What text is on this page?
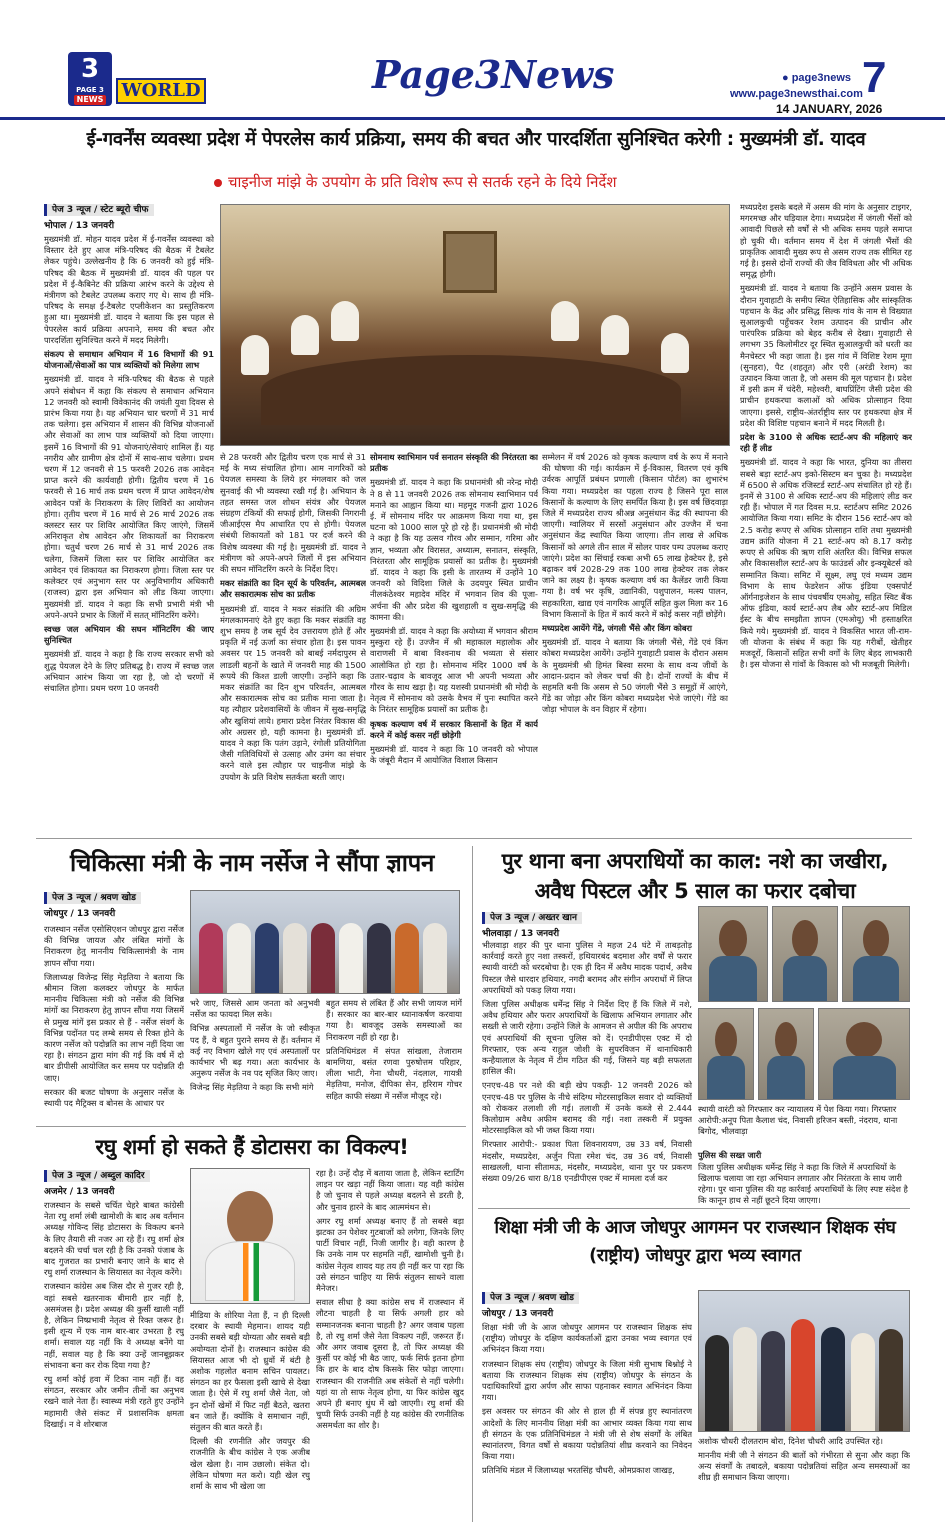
3
PAGE 3
NEWS	WORLD	Page3News	● page3news
www.page3newsthai.com 7
14 JANUARY, 2026
ई-गवर्नेंस व्यवस्था प्रदेश में पेपरलेस कार्य प्रक्रिया, समय की बचत और पारदर्शिता सुनिश्चित करेगी : मुख्यमंत्री डॉ. यादव
चाइनीज मांझे के उपयोग के प्रति विशेष रूप से सतर्क रहने के दिये निर्देश
पेज 3 न्यूज / स्टेट ब्यूरो चीफ
भोपाल / 13 जनवरी

मुख्यमंत्री डॉ. मोहन यादव प्रदेश में ई-गवर्नेंस व्यवस्था को विस्तार देते हुए आज मंत्रि-परिषद की बैठक में टैबलेट लेकर पहुंचे। उल्लेखनीय है कि 6 जनवरी को हुई मंत्रि-परिषद की बैठक में मुख्यमंत्री डॉ. यादव की पहल पर प्रदेश में ई-कैबिनेट की प्रक्रिया आरंभ करने के उद्देश्य से मंत्रीगण को टैबलेट उपलब्ध कराए गए थे। साथ ही मंत्रि-परिषद के समक्ष ई-टैबलेट एप्लीकेशन का प्रस्तुतिकरण हुआ था। मुख्यमंत्री डॉ. यादव ने बताया कि इस पहल से पेपरलेस कार्य प्रक्रिया अपनाने, समय की बचत और पारदर्शिता सुनिश्चित करने में मदद मिलेगी।

संकल्प से समाधान अभियान में 16 विभागों की 91 योजनाओं/सेवाओं का पात्र व्यक्तियों को मिलेगा लाभ

मुख्यमंत्री डॉ. यादव ने मंत्रि-परिषद की बैठक से पहले अपने संबोधन में कहा कि संकल्प से समाधान अभियान 12 जनवरी को स्वामी विवेकानंद की जयंती युवा दिवस से प्रारंभ किया गया है। यह अभियान चार चरणों में 31 मार्च तक चलेगा। इस अभियान में शासन की विभिन्न योजनाओं और सेवाओं का लाभ पात्र व्यक्तियों को दिया जाएगा। इसमें 16 विभागों की 91 योजनाएं/सेवाएं शामिल हैं। यह नगरीय और ग्रामीण क्षेत्र दोनों में साथ-साथ चलेगा। प्रथम चरण में 12 जनवरी से 15 फरवरी 2026 तक आवेदन प्राप्त करने की कार्यवाही होगी। द्वितीय चरण में 16 फरवरी से 16 मार्च तक प्रथम चरण में प्राप्त आवेदन/शेष आवेदन पत्रों के निराकरण के लिए शिविरों का आयोजन होगा। तृतीय चरण में 16 मार्च से 26 मार्च 2026 तक क्लस्टर स्तर पर शिविर आयोजित किए जाएंगे, जिसमें अनिराकृत शेष आवेदन और शिकायतों का निराकरण होगा। चतुर्थ चरण 26 मार्च से 31 मार्च 2026 तक चलेगा, जिसमें जिला स्तर पर शिविर आयोजित कर आवेदन एवं शिकायत का निराकरण होगा। जिला स्तर पर कलेक्टर एवं अनुभाग स्तर पर अनुविभागीय अधिकारी (राजस्व) द्वारा इस अभियान को लीड किया जाएगा। मुख्यमंत्री डॉ. यादव ने कहा कि सभी प्रभारी मंत्री भी अपने-अपने प्रभार के जिलों में सतत् मॉनिटरिंग करेंगे।

स्वच्छ जल अभियान की सघन मॉनिटरिंग की जाए सुनिश्चित

मुख्यमंत्री डॉ. यादव ने कहा है कि राज्य सरकार सभी को शुद्ध पेयजल देने के लिए प्रतिबद्ध है। राज्य में स्वच्छ जल अभियान आरंभ किया जा रहा है, जो दो चरणों में संचालित होगा। प्रथम चरण 10 जनवरी

से 28 फरवरी और द्वितीय चरण एक मार्च से 31 मई के मध्य संचालित होगा। आम नागरिकों को पेयजल समस्या के लिये हर मंगलवार को जल सुनवाई की भी व्यवस्था रखी गई है। अभियान के तहत समस्त जल शोधन संयंत्र और पेयजल संग्रहण टंकियों की सफाई होगी, जिसकी निगरानी जीआईएस मैप आधारित एप से होगी। पेयजल संबंधी शिकायतों को 181 पर दर्ज करने की विशेष व्यवस्था की गई है। मुख्यमंत्री डॉ. यादव ने मंत्रीगण को अपने-अपने जिलों में इस अभियान की सघन मॉनिटरिंग करने के निर्देश दिए।

मकर संक्रांति का दिन सूर्य के परिवर्तन, आत्मबल और सकारात्मक सोच का प्रतीक

मुख्यमंत्री डॉ. यादव ने मकर संक्रांति की अग्रिम मंगलकामनाएं देते हुए कहा कि मकर संक्रांति वह शुभ समय है जब सूर्य देव उत्तरायण होते हैं और प्रकृति में नई ऊर्जा का संचार होता है। इस पावन अवसर पर 15 जनवरी को बाबई नर्मदापुरम से लाडली बहनों के खाते में जनवरी माह की 1500 रूपये की किश्त डाली जाएगी। उन्होंने कहा कि मकर संक्रांति का दिन शुभ परिवर्तन, आत्मबल और सकारात्मक सोच का प्रतीक माना जाता है। यह त्यौहार प्रदेशवासियों के जीवन में सुख-समृद्धि और खुशियां लाये। हमारा प्रदेश निरंतर विकास की ओर अग्रसर हो, यही कामना है। मुख्यमंत्री डॉ. यादव ने कहा कि पतंग उड़ाने, रंगोली प्रतियोगिता जैसी गतिविधियों से उत्साह और उमंग का संचार करने वाले इस त्यौहार पर चाइनीज मांझे के उपयोग के प्रति विशेष सतर्कता बरती जाए।

सोमनाथ स्वाभिमान पर्व सनातन संस्कृति की निरंतरता का प्रतीक

मुख्यमंत्री डॉ. यादव ने कहा कि प्रधानमंत्री श्री नरेन्द्र मोदी ने 8 से 11 जनवरी 2026 तक सोमनाथ स्वाभिमान पर्व मनाने का आह्वान किया था। महमूद गजनी द्वारा 1026 ई. में सोमनाथ मंदिर पर आक्रमण किया गया था, इस घटना को 1000 साल पूरे हो रहे हैं। प्रधानमंत्री श्री मोदी ने कहा है कि यह उत्सव गौरव और सम्मान, गरिमा और ज्ञान, भव्यता और विरासत, अध्यात्म, सनातन, संस्कृति, निरंतरता और सामूहिक प्रयासों का प्रतीक है। मुख्यमंत्री डॉ. यादव ने कहा कि इसी के तारतम्य में उन्होंने 10 जनवरी को विदिशा जिले के उदयपुर स्थित प्राचीन नीलकंठेश्वर महादेव मंदिर में भगवान शिव की पूजा-अर्चना की और प्रदेश की खुशहाली व सुख-समृद्धि की कामना की।

मुख्यमंत्री डॉ. यादव ने कहा कि अयोध्या में भगवान श्रीराम मुस्कुरा रहे हैं। उज्जैन में श्री महाकाल महालोक और वाराणसी में बाबा विश्वनाथ की भव्यता से संसार आलोकित हो रहा है। सोमनाथ मंदिर 1000 वर्ष के उतार-चढ़ाव के बावजूद आज भी अपनी भव्यता और गौरव के साथ खड़ा है। यह यशस्वी प्रधानमंत्री श्री मोदी के नेतृत्व में सोमनाथ को उसके वैभव में पुनः स्थापित करने के निरंतर सामूहिक प्रयासों का प्रतीक है।

कृषक कल्याण वर्ष में सरकार किसानों के हित में कार्य करने में कोई कसर नहीं छोड़ेगी

मुख्यमंत्री डॉ. यादव ने कहा कि 10 जनवरी को भोपाल के जंबूरी मैदान में आयोजित विशाल किसान

सम्मेलन में वर्ष 2026 को कृषक कल्याण वर्ष के रूप में मनाने की घोषणा की गई। कार्यक्रम में ई-विकास, वितरण एवं कृषि उर्वरक आपूर्ति प्रबंधन प्रणाली (किसान पोर्टल) का शुभारंभ किया गया। मध्यप्रदेश का पहला राज्य है जिसने पूरा साल किसानों के कल्याण के लिए समर्पित किया है। इस वर्ष छिंदवाड़ा जिले में मध्यप्रदेश राज्य श्रीअन्न अनुसंधान केंद्र की स्थापना की जाएगी। ग्वालियर में सरसों अनुसंधान और उज्जैन में चना अनुसंधान केंद्र स्थापित किया जाएगा। तीन लाख से अधिक किसानों को अगले तीन साल में सोलर पावर पम्प उपलब्ध कराए जाएंगे। प्रदेश का सिंचाई रकबा अभी 65 लाख हेक्टेयर है, इसे बढ़ाकर वर्ष 2028-29 तक 100 लाख हेक्टेयर तक लेकर जाने का लक्ष्य है। कृषक कल्याण वर्ष का कैलेंडर जारी किया गया है। वर्ष भर कृषि, उद्यानिकी, पशुपालन, मत्स्य पालन, सहकारिता, खाद्य एवं नागरिक आपूर्ति सहित कुल मिला कर 16 विभाग किसानों के हित में कार्य करने में कोई कसर नहीं छोड़ेंगे।

मध्यप्रदेश आयेंगे गेंडे, जंगली भैंसे और किंग कोबरा

मुख्यमंत्री डॉ. यादव ने बताया कि जंगली भैंसे, गेंडे एवं किंग कोबरा मध्यप्रदेश आयेंगे। उन्होंने गुवाहाटी प्रवास के दौरान असम के मुख्यमंत्री श्री हिमंत बिस्वा सरमा के साथ वन्य जीवों के आदान-प्रदान को लेकर चर्चा की है। दोनों राज्यों के बीच में सहमति बनी कि असम से 50 जंगली भैंसे 3 समूहों में आएंगे, गेंडे का जोड़ा और किंग कोबरा मध्यप्रदेश भेजे जाएंगे। गेंडे का जोड़ा भोपाल के वन विहार में रहेगा।

मध्यप्रदेश इसके बदले में असम की मांग के अनुसार टाइगर, मगरमच्छ और घड़ियाल देगा। मध्यप्रदेश में जंगली भैंसों को आवादी पिछले सौ वर्षों से भी अधिक समय पहले समाप्त हो चुकी थी। वर्तमान समय में देश में जंगली भैंसों की प्राकृतिक आवादी मुख्य रूप से असम राज्य तक सीमित रह गई है। इससे दोनों राज्यों की जैव विविधता और भी अधिक समृद्ध होगी।

मुख्यमंत्री डॉ. यादव ने बताया कि उन्होंने असम प्रवास के दौरान गुवाहाटी के समीप स्थित ऐतिहासिक और सांस्कृतिक पहचान के केंद्र और प्रसिद्ध सिल्क गांव के नाम से विख्यात सुआलकुची पहुँचकर रेशम उत्पादन की प्राचीन और पारंपरिक प्रक्रिया को बेहद करीब से देखा। गुवाहाटी से लगभग 35 किलोमीटर दूर स्थित सुआलकुची को धरती का मैनचेस्टर भी कहा जाता है। इस गांव में विशिष्ट रेशम मूगा (सुनहरा), पैट (शहतूत) और एरी (अरंडी रेशम) का उत्पादन किया जाता है, जो असम की मूल पहचान है। प्रदेश में इसी क्रम में चंदेरी, महेश्वरी, बाघप्रिंटिंग जैसी प्रदेश की प्राचीन हथकरघा कलाओं को अधिक प्रोत्साहन दिया जाएगा। इससे, राष्ट्रीय-अंतर्राष्ट्रीय स्तर पर हथकरघा क्षेत्र में प्रदेश की विशिष्ट पहचान बनाने में मदद मिलती है।

प्रदेश के 3100 से अधिक स्टार्ट-अप की महिलाएं कर रही हैं लीड

मुख्यमंत्री डॉ. यादव ने कहा कि भारत, दुनिया का तीसरा सबसे बड़ा स्टार्ट-अप इको-सिस्टम बन चुका है। मध्यप्रदेश में 6500 से अधिक रजिस्टर्ड स्टार्ट-अप संचालित हो रहे हैं। इनमें से 3100 से अधिक स्टार्ट-अप की महिलाएं लीड कर रही हैं। भोपाल में गत दिवस म.प्र. स्टार्टअप समिट 2026 आयोजित किया गया। समिट के दौरान 156 स्टार्ट-अप को 2.5 करोड़ रूपए से अधिक प्रोत्साहन राशि तथा मुख्यमंत्री उद्यम क्रांति योजना में 21 स्टार्ट-अप को 8.17 करोड़ रूपए से अधिक की ऋण राशि अंतरित की। विभिन्न सफल और विकासशील स्टार्ट-अप के फाउंडर्स और इन्क्यूबेटर्स को सम्मानित किया। समिट में सूक्ष्म, लघु एवं मध्यम उद्यम विभाग के साथ फेडरेशन ऑफ इंडिया एक्सपोर्ट ऑर्गनाइजेशन के साथ पंचवर्षीय एमओयू, सहित स्विट बैंक ऑफ इंडिया, कार्य स्टार्ट-अप लैब और स्टार्ट-अप मिडिल ईस्ट के बीच समझौता ज्ञापन (एमओयू) भी हस्ताक्षरित किये गये। मुख्यमंत्री डॉ. यादव ने विकसित भारत जी-राम-जी योजना के संबंध में कहा कि यह गरीबों, खेतीहर मजदूरों, किसानों सहित सभी वर्गों के लिए बेहद लाभकारी है। इस योजना से गांवों के विकास को भी मजबूती मिलेगी।

चिकित्सा मंत्री के नाम नर्सेज ने सौंपा ज्ञापन
पेज 3 न्यूज / श्रवण खोड
जोधपुर / 13 जनवरी

राजस्थान नर्सेज एसोसिएशन जोधपुर द्वारा नर्सेज की विभिन्न जायज और लंबित मांगों के निराकरण हेतु माननीय चिकित्सामंत्री के नाम ज्ञापन सौंपा गया।

जिलाध्यक्ष विजेन्द्र सिंह मेड़तिया ने बताया कि श्रीमान जिला कलक्टर जोधपुर के मार्फत माननीय चिकित्सा मंत्री को नर्सेज की विभिन्न मांगों का निराकरण हेतु ज्ञापन सौंपा गया जिसमें से प्रमुख मांगें इस प्रकार से हैं - नर्सेज संवर्ग के विभिन्न पदोंनत पद लम्बे समय से रिक्त होने के कारण नर्सेज को पदोन्नति का लाभ नहीं दिया जा रहा है। संगठन द्वारा मांग की गई कि वर्ष में दो बार डीपीसी आयोजित कर समय पर पदोन्नति दी जाए।

सरकार की बजट घोषणा के अनुसार नर्सेज के स्थायी पद मैट्रिक्स व बोनस के आधार पर

भरे जाए, जिससे आम जनता को अनुभवी नर्सेज का फायदा मिल सके।

विभिन्न अस्पतालों में नर्सेज के जो स्वीकृत पद हैं, वे बहुत पुराने समय से हैं। वर्तमान में कई नए विभाग खोले गए एवं अस्पतालों पर कार्यभार भी बढ़ गया। अतः कार्यभार के अनुरूप नर्सेज के नव पद सृजित किए जाए।

विजेन्द्र सिंह मेड़तिया ने कहा कि सभी मांगे

बहुत समय से लंबित हैं और सभी जायज मांगें हैं। सरकार का बार-बार ध्यानाकर्षण करवाया गया है। बावजूद उसके समस्याओं का निराकरण नहीं हो रहा है।

प्रतिनिधिमंडल में संपत सांखला, तेजाराम बामणिया, बसंत रणवा पुरुषोत्तम परिहार, लीला भाटी, गेना चौधरी, नंदलाल, गायत्री मेड़तिया, मनोज, दीपिका सेन, हरिराम गोचर सहित काफी संख्या में नर्सेज मौजूद रहे।

पुर थाना बना अपराधियों का काल: नशे का जखीरा, अवैध पिस्टल और 5 साल का फरार दबोचा
पेज 3 न्यूज / अख्तर खान
भीलवाड़ा / 13 जनवरी

भीलवाड़ा शहर की पुर थाना पुलिस ने महज 24 घंटे में ताबड़तोड़ कार्रवाई करते हुए नशा तस्करों, हथियारबंद बदमाश और वर्षों से फरार स्थायी वारंटी को धरदबोचा है। एक ही दिन में अवैध मादक पदार्थ, अवैध पिस्टल जैसे धारदार हथियार, नगदी बरामद और संगीन अपराधों में लिप्त अपराधियों को पकड़ लिया गया।

जिला पुलिस अधीक्षक धर्मेन्द्र सिंह ने निर्देश दिए हैं कि जिले में नशे, अवैध हथियार और फरार अपराधियों के खिलाफ अभियान लगातार और सख्ती से जारी रहेगा। उन्होंने जिले के आमजन से अपील की कि अपराध एवं अपराधियों की सूचना पुलिस को दें। एनडीपीएस एक्ट में दो गिरफ्तार, एक अन्य राहुल जोशी के सुपरविजन में थानाधिकारी कन्हैयालाल के नेतृत्व में टीम गठित की गई, जिसने यह बड़ी सफलता हासिल की।

एनएच-48 पर नशे की बड़ी खेप पकड़ी- 12 जनवरी 2026 को एनएच-48 पर पुलिस के नीचे संदिग्ध मोटरसाइकिल सवार दो व्यक्तियों को रोककर तलाशी ली गई। तलाशी में उनके कब्जे से 2.444 किलोग्राम अवैध अफीम बरामद की गई। नशा तस्करी में प्रयुक्त मोटरसाइकिल को भी जब्त किया गया।

गिरफ्तार आरोपी:- प्रकाश पिता शिवनारायण, उम्र 33 वर्ष, निवासी मंदसौर, मध्यप्रदेश, अर्जुन पिता रमेश चंद, उम्र 36 वर्ष, निवासी साखलली, थाना सीतामऊ, मंदसौर, मध्यप्रदेश, थाना पुर पर प्रकरण संख्या 09/26 धारा 8/18 एनडीपीएस एक्ट में मामला दर्ज कर

स्थायी वारंटी को गिरफ्तार कर न्यायालय में पेश किया गया। गिरफ्तार आरोपी:अनूप पिता कैलाश चंद, निवासी हरिजन बस्ती, नंदराय, थाना बिगोद, भीलवाड़ा
पुलिस की सख्त जारी
जिला पुलिस अधीक्षक धर्मेन्द्र सिंह ने कहा कि जिले में अपराधियों के खिलाफ चलाया जा रहा अभियान लगातार और निरंतरता के साथ जारी रहेगा। पुर थाना पुलिस की यह कार्रवाई अपराधियों के लिए स्पष्ट संदेश है कि कानून हाथ से नहीं छूटने दिया जाएगा।
रघु शर्मा हो सकते हैं डोटासरा का विकल्प!
पेज 3 न्यूज / अब्दुल कादिर
अजमेर / 13 जनवरी

राजस्थान के सबसे चर्चित चेहरे बाबत कांग्रेसी नेता रघु शर्मा लंबी खामोशी के बाद अब वर्तमान अध्यक्ष गोविन्द सिंह डोटासरा के विकल्प बनने के लिए तैयारी सी नजर आ रहे हैं। रघु शर्मा क्षेत्र बदलने की चर्चा चल रही है कि उनको पंजाब के बाद गुजरात का प्रभारी बनाए जाने के बाद से रघु शर्मा राजस्थान के सियासत का नेतृत्व करेंगे।

राजस्थान कांग्रेस अब जिस दौर से गुजर रही है, वहां सबसे खतरनाक बीमारी हार नहीं है, असमंजस है। प्रदेश अध्यक्ष की कुर्सी खाली नहीं है, लेकिन निष्प्रभावी नेतृत्व से रिक्त जरूर है। इसी शून्य में एक नाम बार-बार उभरता है रघु शर्मा। सवाल यह नहीं कि वे अध्यक्ष बनेंगे या नहीं, सवाल यह है कि क्या उन्हें जानबूझकर संभावना बना कर रोक दिया गया है?

रघु शर्मा कोई हवा में टिका नाम नहीं हैं। वह संगठन, सरकार और जमीन तीनों का अनुभव रखने वाले नेता हैं। स्वास्थ्य मंत्री रहते हुए उन्होंने महामारी जैसे संकट में प्रशासनिक क्षमता दिखाई। न वे शोरबाज

मीडिया के शोरिया नेता हैं, न ही दिल्ली दरबार के स्थायी मेहमान। शायद यही उनकी सबसे बड़ी योग्यता और सबसे बड़ी अयोग्यता दोनों है। राजस्थान कांग्रेस की सियासत आज भी दो ध्रुवों में बंटी है अशोक गहलोत बनाम सचिन पायलट। संगठन का हर फैसला इसी खाचे से देखा जाता है। ऐसे में रघु शर्मा जैसे नेता, जो इन दोनों खेमों में फिट नहीं बैठते, खतरा बन जाते हैं। क्योंकि वे समाधान नहीं, संतुलन की बात करते हैं।

दिल्ली की रणनीति और जयपुर की राजनीति के बीच कांग्रेस ने एक अजीब खेल खेला है। नाम उछालो। संकेत दो। लेकिन घोषणा मत करो। यही खेल रघु शर्मा के साथ भी खेला जा

रहा है। उन्हें दौड़ में बताया जाता है, लेकिन स्टार्टिंग लाइन पर खड़ा नहीं किया जाता। यह वही कांग्रेस है जो चुनाव से पहले अध्यक्ष बदलने से डरती है, और चुनाव हारने के बाद आत्ममंथन से।

अगर रघु शर्मा अध्यक्ष बनाए हैं तो सबसे बड़ा झटका उन पेशेवर गुटबाजों को लगेगा, जिनके लिए पार्टी विचार नहीं, निजी जागीर है। वही कारण है कि उनके नाम पर सहमति नहीं, खामोशी चुनी है। कांग्रेस नेतृत्व शायद यह तय ही नहीं कर पा रहा कि उसे संगठन चाहिए या सिर्फ संतुलन साधने वाला मैनेजर।

सवाल सीधा है क्या कांग्रेस सच में राजस्थान में लौटना चाहती है या सिर्फ अगली हार को सम्मानजनक बनाना चाहती है? अगर जवाब पहला है, तो रघु शर्मा जैसे नेता विकल्प नहीं, जरूरत हैं। और अगर जवाब दूसरा है, तो फिर अध्यक्ष की कुर्सी पर कोई भी बैठ जाए, फर्क सिर्फ इतना होगा कि हार के बाद दोष किसके सिर फोड़ा जाएगा। राजस्थान की राजनीति अब संकेतों से नहीं चलेगी। यहां या तो साफ नेतृत्व होगा, या फिर कांग्रेस खुद अपने ही बनाए धुंध में खो जाएगी। रघु शर्मा की चुप्पी सिर्फ उनकी नहीं है यह कांग्रेस की रणनीतिक असमर्थता का शोर है।

शिक्षा मंत्री जी के आज जोधपुर आगमन पर राजस्थान शिक्षक संघ (राष्ट्रीय) जोधपुर द्वारा भव्य स्वागत
पेज 3 न्यूज / श्रवण खोड
जोधपुर / 13 जनवरी

शिक्षा मंत्री जी के आज जोधपुर आगमन पर राजस्थान शिक्षक संघ (राष्ट्रीय) जोधपुर के दक्षिण कार्यकर्ताओं द्वारा उनका भव्य स्वागत एवं अभिनंदन किया गया।

राजस्थान शिक्षक संघ (राष्ट्रीय) जोधपुर के जिला मंत्री सुभाष बिश्नोई ने बताया कि राजस्थान शिक्षक संघ (राष्ट्रीय) जोधपुर के संगठन के पदाधिकारियों द्वारा अर्पण और साफा पहनाकर स्वागत अभिनंदन किया गया।

इस अवसर पर संगठन की ओर से हाल ही में संपन्न हुए स्थानांतरण आदेशों के लिए माननीय शिक्षा मंत्री का आभार व्यक्त किया गया साथ ही संगठन के एक प्रतिनिधिमंडल ने मंत्री जी से शेष संवर्गों के लंबित स्थानांतरण, विगत वर्षों से बकाया पदोन्नतियां शीघ्र करवाने का निवेदन किया गया।

प्रतिनिधि मंडल में जिलाध्यक्ष भरतसिंह चौधरी, ओमप्रकाश जाखड़,

अशोक चौधरी दौलतराम बोरा, दिनेश चौधरी आदि उपस्थित रहे।

माननीय मंत्री जी ने संगठन की बातों को गंभीरता से सुना और कहा कि अन्य संवर्गों के तबादले, बकाया पदोन्नतियां सहित अन्य समस्याओं का शीघ्र ही समाधान किया जाएगा।
